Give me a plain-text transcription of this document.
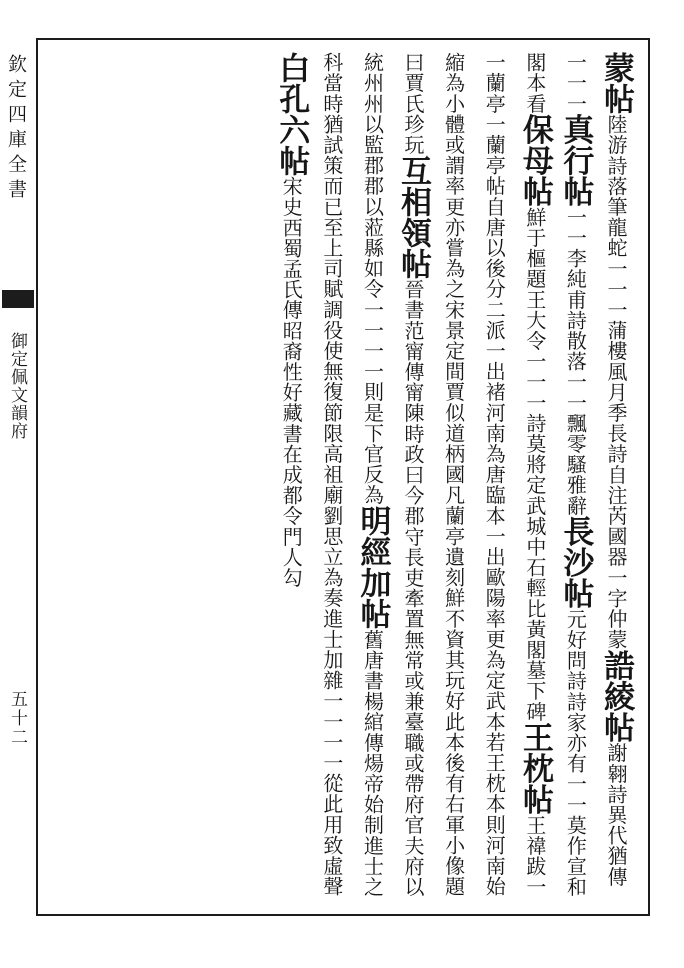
欽定四庫全書
御定佩文韻府
五十二
蒙帖陸游詩落筆龍蛇一一一蒲樓風月季長詩自注芮國器一字仲蒙誥綾帖謝翱詩異代猶傳一一一真行帖一一李純甫詩散落一一飄零騷雅辭長沙帖元好問詩詩家亦有一一莫作宣和閣本看保母帖鮮于樞題王大令一一一詩莫將定武城中石輕比黃閣墓下碑王枕帖王禕跋一一蘭亭一蘭亭帖自唐以後分二派一出褚河南為唐臨本一出歐陽率更為定武本若王枕本則河南始縮為小體或謂率更亦嘗為之宋景定間賈似道柄國凡蘭亭遺刻鮮不資其玩好此本後有右軍小像題曰賈氏珍玩互相領帖晉書范甯傳甯陳時政曰今郡守長吏牽置無常或兼臺職或帶府官夫府以統州州以監郡郡以蒞縣如令一一一一則是下官反為明經加帖舊唐書楊綰傳煬帝始制進士之科當時猶試策而已至上司賦調役使無復節限高祖廟劉思立為奏進士加雜一一一一從此用致虛聲白孔六帖宋史西蜀孟氏傳昭裔性好藏書在成都令門人勾
